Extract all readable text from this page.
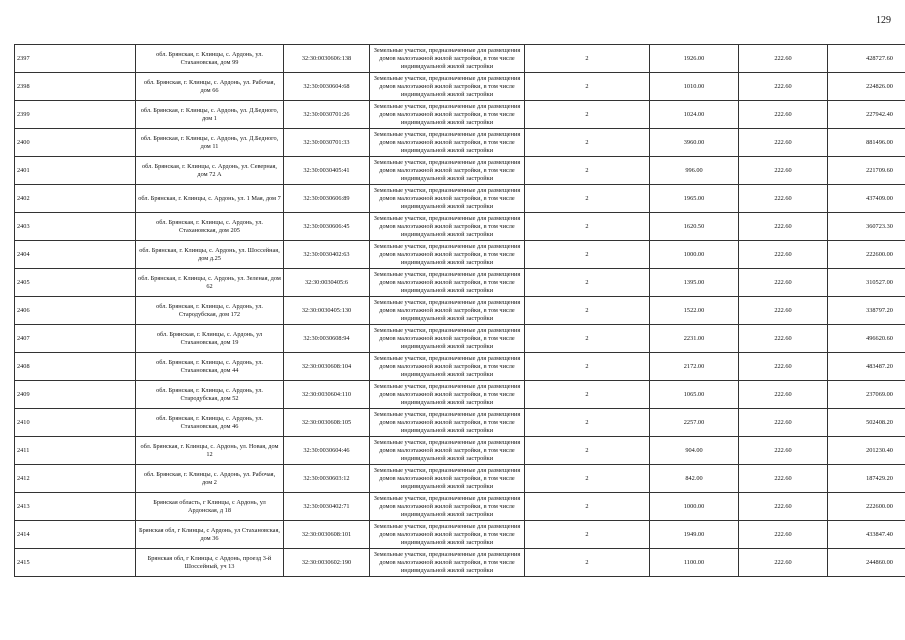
129
2397	обл. Брянская, г. Клинцы, с. Ардонь, ул. Стахановская, дом 99	32:30:0030606:138	Земельные участки, предназначенные для размещения домов малоэтажной жилой застройки, в том числе индивидуальной жилой застройки	2	1926.00	222.60	428727.60
2398	обл. Брянская, г. Клинцы, с. Ардонь, ул. Рабочая, дом 66	32:30:0030604:68	Земельные участки, предназначенные для размещения домов малоэтажной жилой застройки, в том числе индивидуальной жилой застройки	2	1010.00	222.60	224826.00
2399	обл. Брянская, г. Клинцы, с. Ардонь, ул. Д.Бедного, дом 1	32:30:0030701:26	Земельные участки, предназначенные для размещения домов малоэтажной жилой застройки, в том числе индивидуальной жилой застройки	2	1024.00	222.60	227942.40
2400	обл. Брянская, г. Клинцы, с. Ардонь, ул. Д.Бедного, дом 11	32:30:0030701:33	Земельные участки, предназначенные для размещения домов малоэтажной жилой застройки, в том числе индивидуальной жилой застройки	2	3960.00	222.60	881496.00
2401	обл. Брянская, г. Клинцы, с. Ардонь, ул. Северная, дом 72 А	32:30:0030405:41	Земельные участки, предназначенные для размещения домов малоэтажной жилой застройки, в том числе индивидуальной жилой застройки	2	996.00	222.60	221709.60
2402	обл. Брянская, г. Клинцы, с. Ардонь, ул. 1 Мая, дом 7	32:30:0030606:89	Земельные участки, предназначенные для размещения домов малоэтажной жилой застройки, в том числе индивидуальной жилой застройки	2	1965.00	222.60	437409.00
2403	обл. Брянская, г. Клинцы, с. Ардонь, ул. Стахановская, дом 205	32:30:0030606:45	Земельные участки, предназначенные для размещения домов малоэтажной жилой застройки, в том числе индивидуальной жилой застройки	2	1620.50	222.60	360723.30
2404	обл. Брянская, г. Клинцы, с. Ардонь, ул. Шоссейная, дом д.25	32:30:0030402:63	Земельные участки, предназначенные для размещения домов малоэтажной жилой застройки, в том числе индивидуальной жилой застройки	2	1000.00	222.60	222600.00
2405	обл. Брянская, г. Клинцы, с. Ардонь, ул. Зеленая, дом 62	32:30:0030405:6	Земельные участки, предназначенные для размещения домов малоэтажной жилой застройки, в том числе индивидуальной жилой застройки	2	1395.00	222.60	310527.00
2406	обл. Брянская, г. Клинцы, с. Ардонь, ул. Стародубская, дом 172	32:30:0030405:130	Земельные участки, предназначенные для размещения домов малоэтажной жилой застройки, в том числе индивидуальной жилой застройки	2	1522.00	222.60	338797.20
2407	обл. Брянская, г. Клинцы, с. Ардонь, ул Стахановская, дом 19	32:30:0030608:94	Земельные участки, предназначенные для размещения домов малоэтажной жилой застройки, в том числе индивидуальной жилой застройки	2	2231.00	222.60	496620.60
2408	обл. Брянская, г. Клинцы, с. Ардонь, ул. Стахановская, дом 44	32:30:0030608:104	Земельные участки, предназначенные для размещения домов малоэтажной жилой застройки, в том числе индивидуальной жилой застройки	2	2172.00	222.60	483487.20
2409	обл. Брянская, г. Клинцы, с. Ардонь, ул. Стародубская, дом 52	32:30:0030604:110	Земельные участки, предназначенные для размещения домов малоэтажной жилой застройки, в том числе индивидуальной жилой застройки	2	1065.00	222.60	237069.00
2410	обл. Брянская, г. Клинцы, с. Ардонь, ул. Стахановская, дом 46	32:30:0030608:105	Земельные участки, предназначенные для размещения домов малоэтажной жилой застройки, в том числе индивидуальной жилой застройки	2	2257.00	222.60	502408.20
2411	обл. Брянская, г. Клинцы, с. Ардонь, ул. Новая, дом 12	32:30:0030604:46	Земельные участки, предназначенные для размещения домов малоэтажной жилой застройки, в том числе индивидуальной жилой застройки	2	904.00	222.60	201230.40
2412	обл. Брянская, г. Клинцы, с. Ардонь, ул. Рабочая, дом 2	32:30:0030603:12	Земельные участки, предназначенные для размещения домов малоэтажной жилой застройки, в том числе индивидуальной жилой застройки	2	842.00	222.60	187429.20
2413	Брянская область, г Клинцы, с Ардонь, ул Ардонская, д 18	32:30:0030402:71	Земельные участки, предназначенные для размещения домов малоэтажной жилой застройки, в том числе индивидуальной жилой застройки	2	1000.00	222.60	222600.00
2414	Брянская обл, г Клинцы, с Ардонь, ул Стахановская, дом 36	32:30:0030608:101	Земельные участки, предназначенные для размещения домов малоэтажной жилой застройки, в том числе индивидуальной жилой застройки	2	1949.00	222.60	433847.40
2415	Брянская обл, г Клинцы, с Ардонь, проезд 3-й Шоссейный, уч 13	32:30:0030602:190	Земельные участки, предназначенные для размещения домов малоэтажной жилой застройки, в том числе индивидуальной жилой застройки	2	1100.00	222.60	244860.00
